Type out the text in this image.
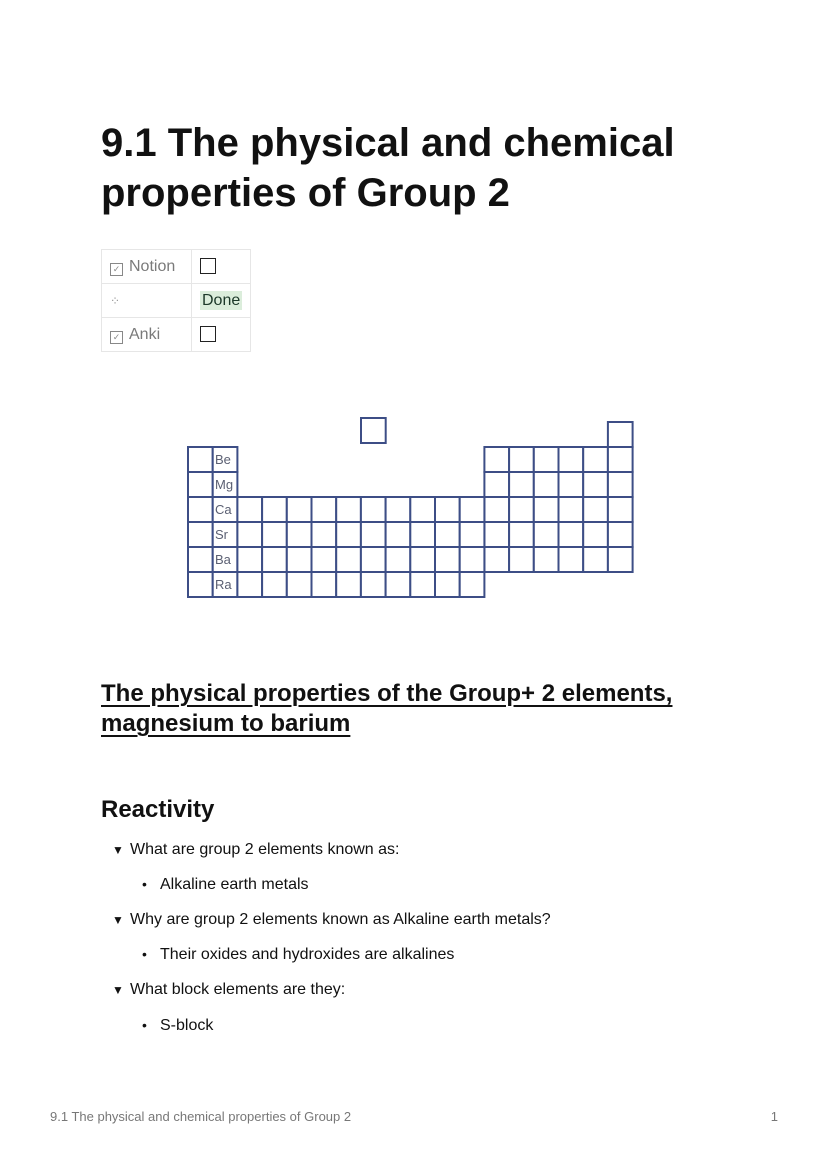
9.1 The physical and chemical properties of Group 2
✓ Notion	
⁘	Done
✓ Anki	
Be
Mg
Ca
Sr
Ba
Ra
The physical properties of the Group+ 2 elements, magnesium to barium
Reactivity
▼ What are group 2 elements known as:
• Alkaline earth metals
▼ Why are group 2 elements known as Alkaline earth metals?
• Their oxides and hydroxides are alkalines
▼ What block elements are they:
• S-block
9.1 The physical and chemical properties of Group 2	1
